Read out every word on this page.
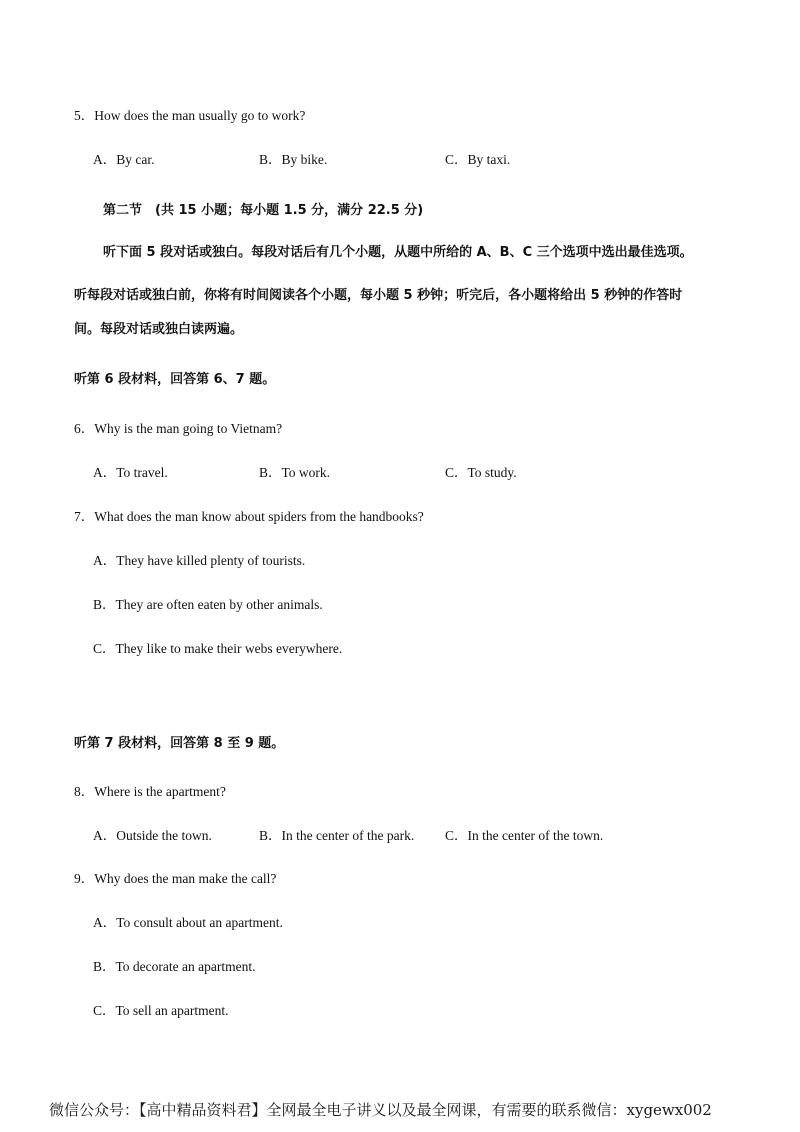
5．How does the man usually go to work?
A．By car.	B．By bike.	C．By taxi.
第二节　(共 15 小题；每小题 1.5 分，满分 22.5 分)
听下面 5 段对话或独白。每段对话后有几个小题，从题中所给的 A、B、C 三个选项中选出最佳选项。
听每段对话或独白前，你将有时间阅读各个小题，每小题 5 秒钟；听完后，各小题将给出 5 秒钟的作答时
间。每段对话或独白读两遍。
听第 6 段材料，回答第 6、7 题。
6．Why is the man going to Vietnam?
A．To travel.	B．To work.	C．To study.
7．What does the man know about spiders from the handbooks?
A．They have killed plenty of tourists.
B．They are often eaten by other animals.
C．They like to make their webs everywhere.
听第 7 段材料，回答第 8 至 9 题。
8．Where is the apartment?
A．Outside the town.	B．In the center of the park. C．In the center of the town.
9．Why does the man make the call?
A．To consult about an apartment.
B．To decorate an apartment.
C．To sell an apartment.
微信公众号：【高中精品资料君】全网最全电子讲义以及最全网课，有需要的联系微信：xygewx002
